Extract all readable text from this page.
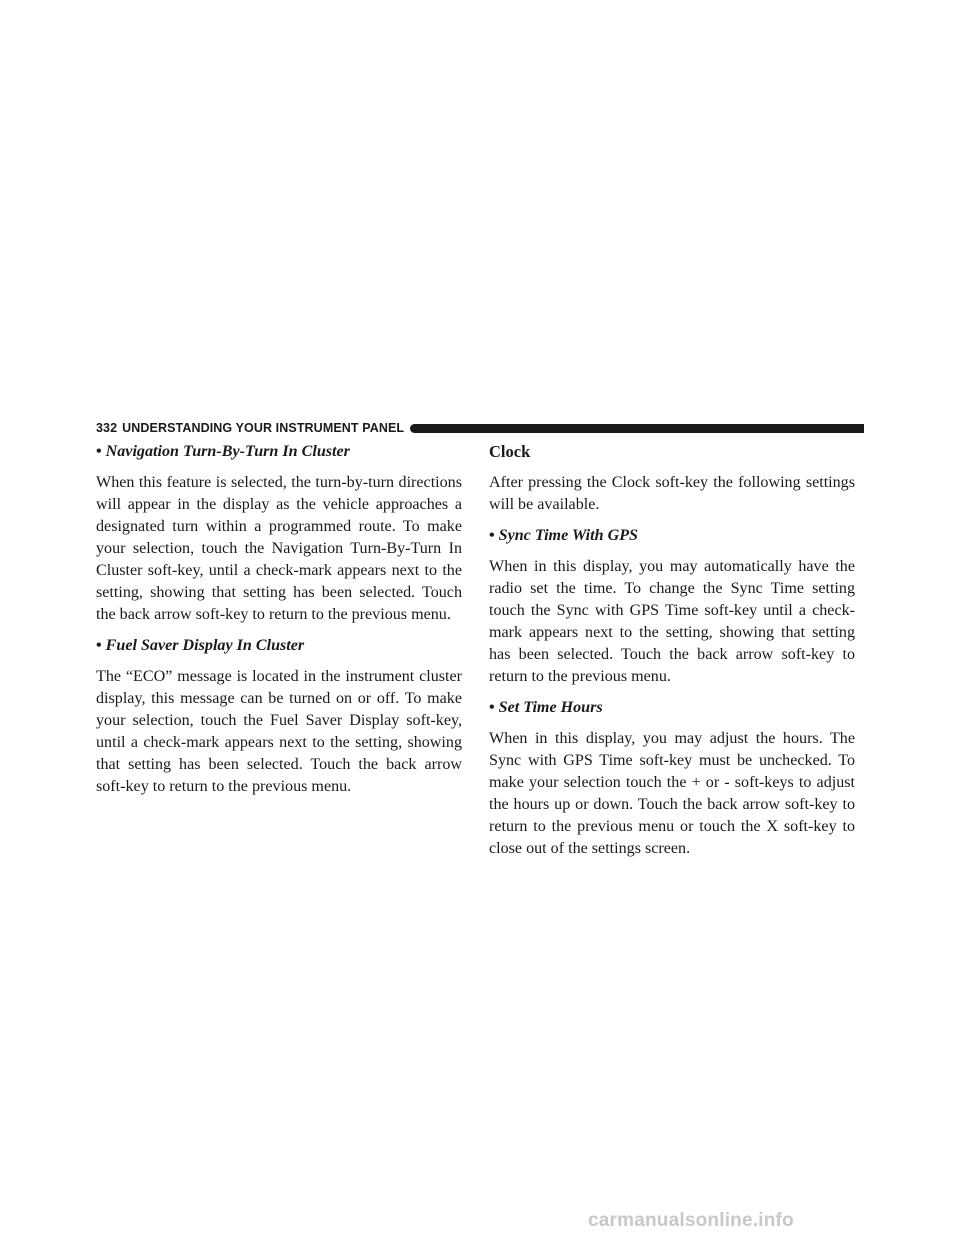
332 UNDERSTANDING YOUR INSTRUMENT PANEL
• Navigation Turn-By-Turn In Cluster

When this feature is selected, the turn-by-turn directions will appear in the display as the vehicle approaches a designated turn within a programmed route. To make your selection, touch the Navigation Turn-By-Turn In Cluster soft-key, until a check-mark appears next to the setting, showing that setting has been selected. Touch the back arrow soft-key to return to the previous menu.

• Fuel Saver Display In Cluster

The “ECO” message is located in the instrument cluster display, this message can be turned on or off. To make your selection, touch the Fuel Saver Display soft-key, until a check-mark appears next to the setting, showing that setting has been selected. Touch the back arrow soft-key to return to the previous menu.

Clock

After pressing the Clock soft-key the following settings will be available.

• Sync Time With GPS

When in this display, you may automatically have the radio set the time. To change the Sync Time setting touch the Sync with GPS Time soft-key until a check-mark appears next to the setting, showing that setting has been selected. Touch the back arrow soft-key to return to the previous menu.

• Set Time Hours

When in this display, you may adjust the hours. The Sync with GPS Time soft-key must be unchecked. To make your selection touch the + or - soft-keys to adjust the hours up or down. Touch the back arrow soft-key to return to the previous menu or touch the X soft-key to close out of the settings screen.

carmanualsonline.info
